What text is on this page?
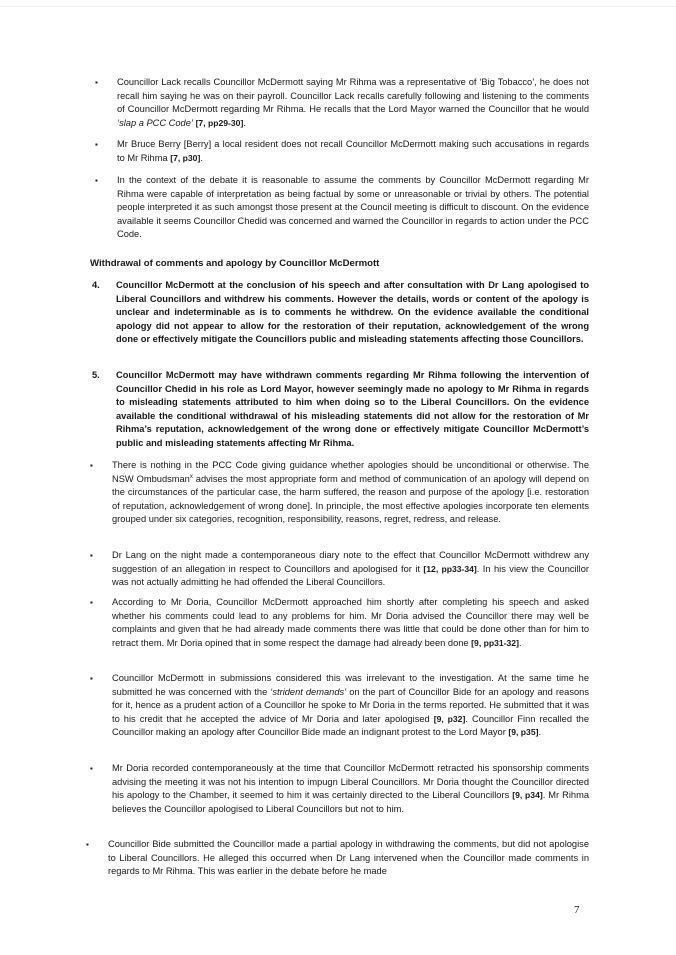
▪ Councillor Lack recalls Councillor McDermott saying Mr Rihma was a representative of ‘Big Tobacco’, he does not recall him saying he was on their payroll. Councillor Lack recalls carefully following and listening to the comments of Councillor McDermott regarding Mr Rihma. He recalls that the Lord Mayor warned the Councillor that he would ‘slap a PCC Code’ [7, pp29-30].
▪ Mr Bruce Berry [Berry] a local resident does not recall Councillor McDermott making such accusations in regards to Mr Rihma [7, p30].
▪ In the context of the debate it is reasonable to assume the comments by Councillor McDermott regarding Mr Rihma were capable of interpretation as being factual by some or unreasonable or trivial by others. The potential people interpreted it as such amongst those present at the Council meeting is difficult to discount. On the evidence available it seems Councillor Chedid was concerned and warned the Councillor in regards to action under the PCC Code.
Withdrawal of comments and apology by Councillor McDermott
4. Councillor McDermott at the conclusion of his speech and after consultation with Dr Lang apologised to Liberal Councillors and withdrew his comments. However the details, words or content of the apology is unclear and indeterminable as is to comments he withdrew. On the evidence available the conditional apology did not appear to allow for the restoration of their reputation, acknowledgement of the wrong done or effectively mitigate the Councillors public and misleading statements affecting those Councillors.
5. Councillor McDermott may have withdrawn comments regarding Mr Rihma following the intervention of Councillor Chedid in his role as Lord Mayor, however seemingly made no apology to Mr Rihma in regards to misleading statements attributed to him when doing so to the Liberal Councillors. On the evidence available the conditional withdrawal of his misleading statements did not allow for the restoration of Mr Rihma’s reputation, acknowledgement of the wrong done or effectively mitigate Councillor McDermott’s public and misleading statements affecting Mr Rihma.
▪ There is nothing in the PCC Code giving guidance whether apologies should be unconditional or otherwise. The NSW Ombudsman$^x$ advises the most appropriate form and method of communication of an apology will depend on the circumstances of the particular case, the harm suffered, the reason and purpose of the apology [i.e. restoration of reputation, acknowledgement of wrong done]. In principle, the most effective apologies incorporate ten elements grouped under six categories, recognition, responsibility, reasons, regret, redress, and release.
▪ Dr Lang on the night made a contemporaneous diary note to the effect that Councillor McDermott withdrew any suggestion of an allegation in respect to Councillors and apologised for it [12, pp33-34]. In his view the Councillor was not actually admitting he had offended the Liberal Councillors.
▪ According to Mr Doria, Councillor McDermott approached him shortly after completing his speech and asked whether his comments could lead to any problems for him. Mr Doria advised the Councillor there may well be complaints and given that he had already made comments there was little that could be done other than for him to retract them. Mr Doria opined that in some respect the damage had already been done [9, pp31-32].
▪ Councillor McDermott in submissions considered this was irrelevant to the investigation. At the same time he submitted he was concerned with the ‘strident demands’ on the part of Councillor Bide for an apology and reasons for it, hence as a prudent action of a Councillor he spoke to Mr Doria in the terms reported. He submitted that it was to his credit that he accepted the advice of Mr Doria and later apologised [9, p32]. Councillor Finn recalled the Councillor making an apology after Councillor Bide made an indignant protest to the Lord Mayor [9, p35].
▪ Mr Doria recorded contemporaneously at the time that Councillor McDermott retracted his sponsorship comments advising the meeting it was not his intention to impugn Liberal Councillors. Mr Doria thought the Councillor directed his apology to the Chamber, it seemed to him it was certainly directed to the Liberal Councillors [9, p34]. Mr Rihma believes the Councillor apologised to Liberal Councillors but not to him.
▪ Councillor Bide submitted the Councillor made a partial apology in withdrawing the comments, but did not apologise to Liberal Councillors. He alleged this occurred when Dr Lang intervened when the Councillor made comments in regards to Mr Rihma. This was earlier in the debate before he made
7
